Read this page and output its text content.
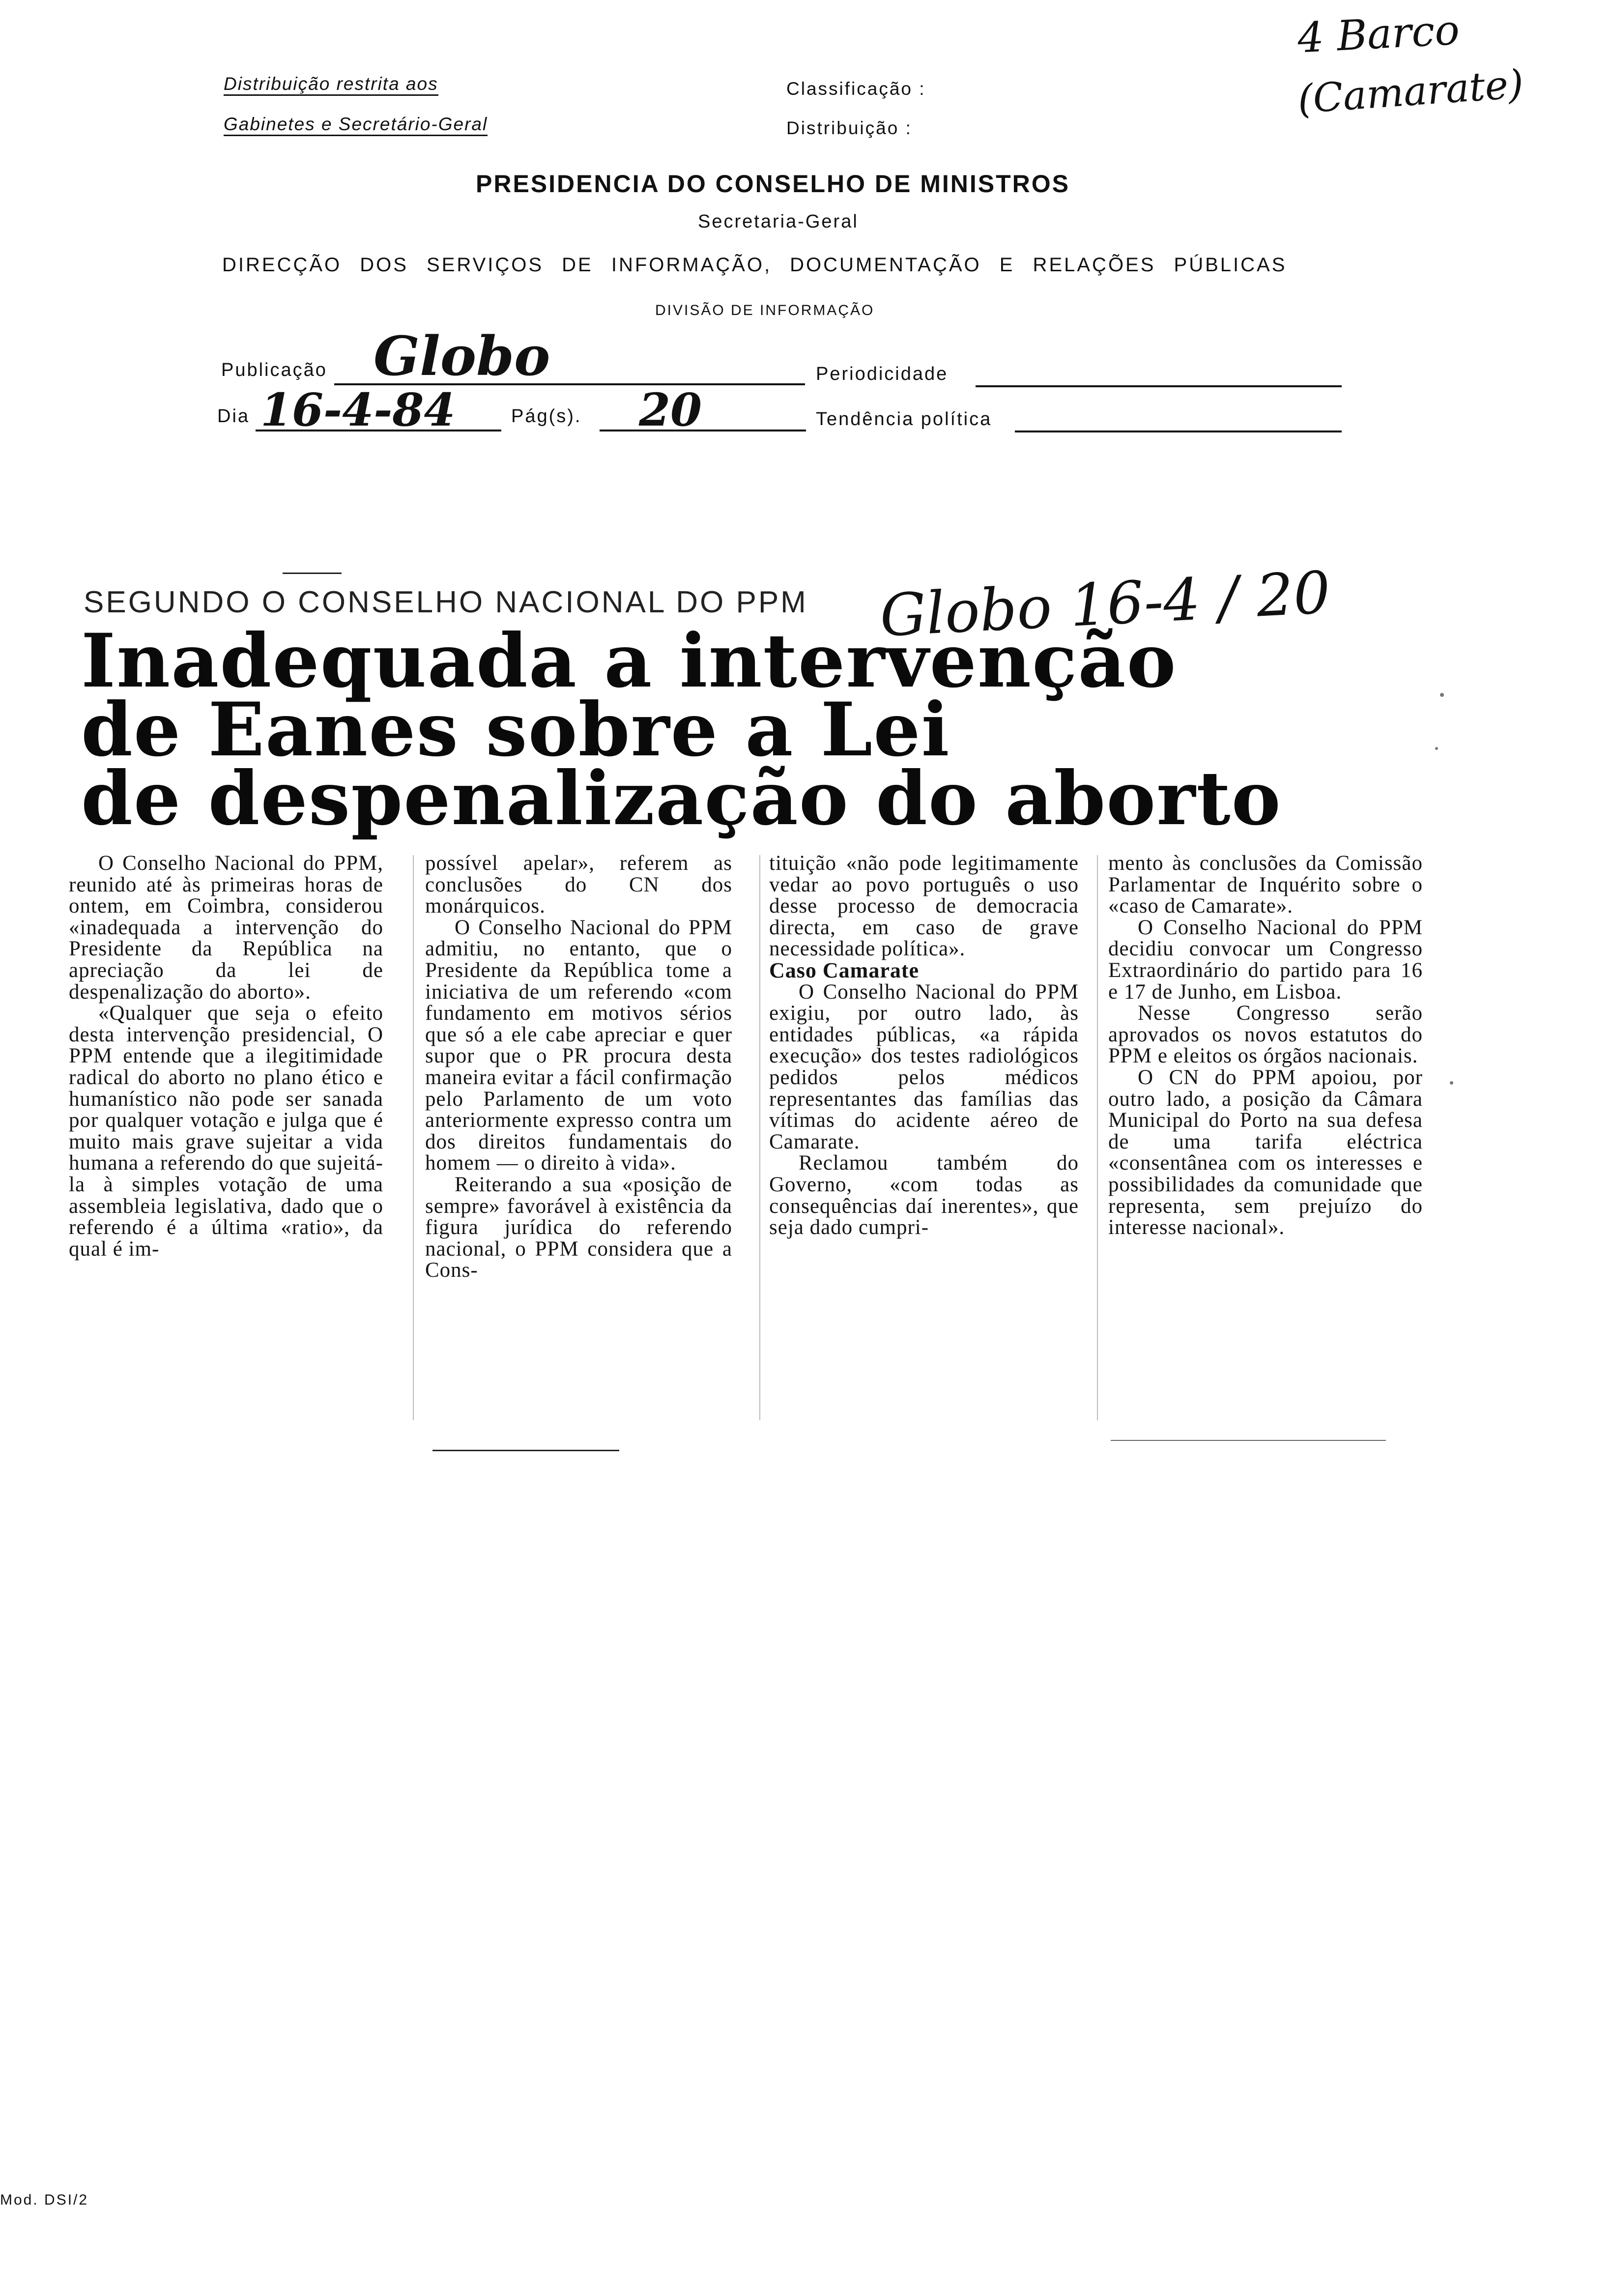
Distribuição restrita aos
Gabinetes e Secretário-Geral
Classificação :
Distribuição :
4 Barco
(Camarate)
PRESIDENCIA DO CONSELHO DE MINISTROS
Secretaria-Geral
DIRECÇÃO DOS SERVIÇOS DE INFORMAÇÃO, DOCUMENTAÇÃO E RELAÇÕES PÚBLICAS
DIVISÃO DE INFORMAÇÃO
Publicação Globo	Periodicidade
Dia 16-4-84	Pág(s). 20	Tendência política
SEGUNDO O CONSELHO NACIONAL DO PPM Globo 16-4 / 20
Inadequada a intervenção
de Eanes sobre a Lei
de despenalização do aborto

O Conselho Nacional do PPM, reunido até às primeiras horas de ontem, em Coimbra, considerou «inadequada a intervenção do Presidente da República na apreciação da lei de despenalização do aborto».

«Qualquer que seja o efeito desta intervenção presidencial, O PPM entende que a ilegitimidade radical do aborto no plano ético e humanístico não pode ser sanada por qualquer votação e julga que é muito mais grave sujeitar a vida humana a referendo do que sujeitá-la à simples votação de uma assembleia legislativa, dado que o referendo é a última «ratio», da qual é im-

possível apelar», referem as conclusões do CN dos monárquicos.

O Conselho Nacional do PPM admitiu, no entanto, que o Presidente da República tome a iniciativa de um referendo «com fundamento em motivos sérios que só a ele cabe apreciar e quer supor que o PR procura desta maneira evitar a fácil confirmação pelo Parlamento de um voto anteriormente expresso contra um dos direitos fundamentais do homem — o direito à vida».

Reiterando a sua «posição de sempre» favorável à existência da figura jurídica do referendo nacional, o PPM considera que a Cons-

tituição «não pode legitimamente vedar ao povo português o uso desse processo de democracia directa, em caso de grave necessidade política».

Caso Camarate

O Conselho Nacional do PPM exigiu, por outro lado, às entidades públicas, «a rápida execução» dos testes radiológicos pedidos pelos médicos representantes das famílias das vítimas do acidente aéreo de Camarate.

Reclamou também do Governo, «com todas as consequências daí inerentes», que seja dado cumpri-

mento às conclusões da Comissão Parlamentar de Inquérito sobre o «caso de Camarate».

O Conselho Nacional do PPM decidiu convocar um Congresso Extraordinário do partido para 16 e 17 de Junho, em Lisboa.

Nesse Congresso serão aprovados os novos estatutos do PPM e eleitos os órgãos nacionais.

O CN do PPM apoiou, por outro lado, a posição da Câmara Municipal do Porto na sua defesa de uma tarifa eléctrica «consentânea com os interesses e possibilidades da comunidade que representa, sem prejuízo do interesse nacional».

Mod. DSI/2
